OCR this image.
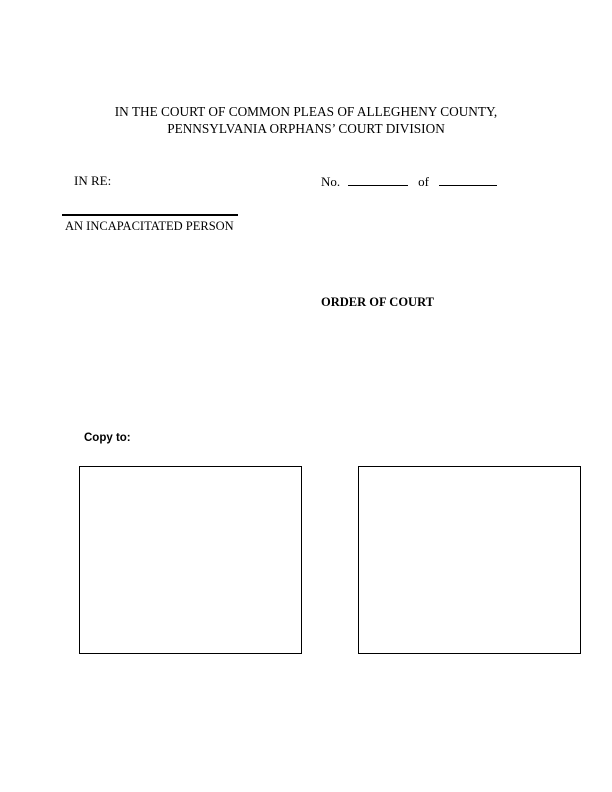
IN THE COURT OF COMMON PLEAS OF ALLEGHENY COUNTY,
PENNSYLVANIA ORPHANS’ COURT DIVISION
IN RE:	No.	of
AN INCAPACITATED PERSON
ORDER OF COURT
Copy to:
